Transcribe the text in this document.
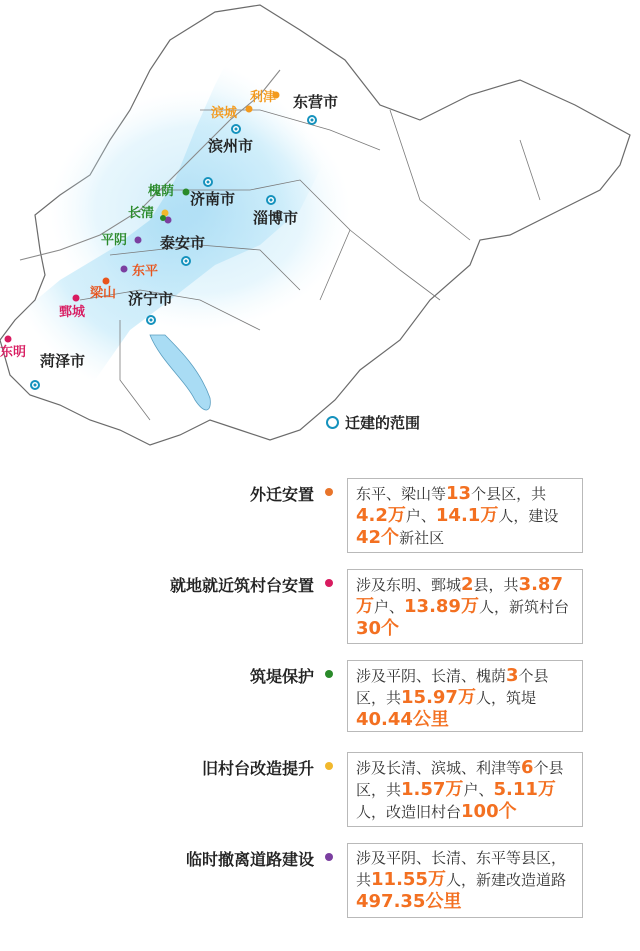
东营市
滨州市
济南市
淄博市
泰安市
济宁市
菏泽市
利津
滨城
槐荫
长清
平阴
东平
梁山
鄄城
东明
迁建的范围
外迁安置	东平、梁山等13个县区，共4.2万户、14.1万人，建设42个新社区
就地就近筑村台安置	涉及东明、鄄城2县，共3.87万户、13.89万人，新筑村台30个
筑堤保护	涉及平阴、长清、槐荫3个县区，共15.97万人，筑堤40.44公里
旧村台改造提升	涉及长清、滨城、利津等6个县区，共1.57万户、5.11万人，改造旧村台100个
临时撤离道路建设	涉及平阴、长清、东平等县区，共11.55万人，新建改造道路497.35公里
